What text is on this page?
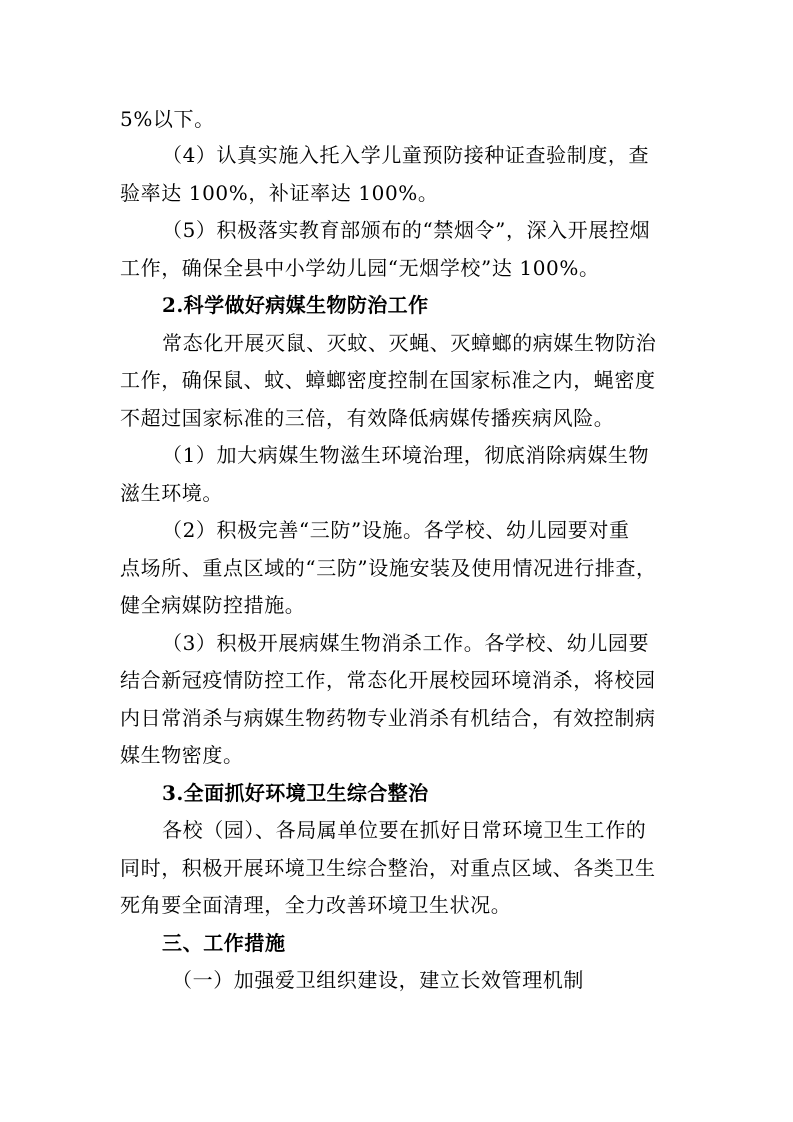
5%以下。
（4）认真实施入托入学儿童预防接种证查验制度，查
验率达 100%，补证率达 100%。
（5）积极落实教育部颁布的“禁烟令”，深入开展控烟
工作，确保全县中小学幼儿园“无烟学校”达 100%。
2.科学做好病媒生物防治工作
常态化开展灭鼠、灭蚊、灭蝇、灭蟑螂的病媒生物防治
工作，确保鼠、蚊、蟑螂密度控制在国家标准之内，蝇密度
不超过国家标准的三倍，有效降低病媒传播疾病风险。
（1）加大病媒生物滋生环境治理，彻底消除病媒生物
滋生环境。
（2）积极完善“三防”设施。各学校、幼儿园要对重
点场所、重点区域的“三防”设施安装及使用情况进行排查，
健全病媒防控措施。
（3）积极开展病媒生物消杀工作。各学校、幼儿园要
结合新冠疫情防控工作，常态化开展校园环境消杀，将校园
内日常消杀与病媒生物药物专业消杀有机结合，有效控制病
媒生物密度。
3.全面抓好环境卫生综合整治
各校（园）、各局属单位要在抓好日常环境卫生工作的
同时，积极开展环境卫生综合整治，对重点区域、各类卫生
死角要全面清理，全力改善环境卫生状况。
三、工作措施
（一）加强爱卫组织建设，建立长效管理机制
